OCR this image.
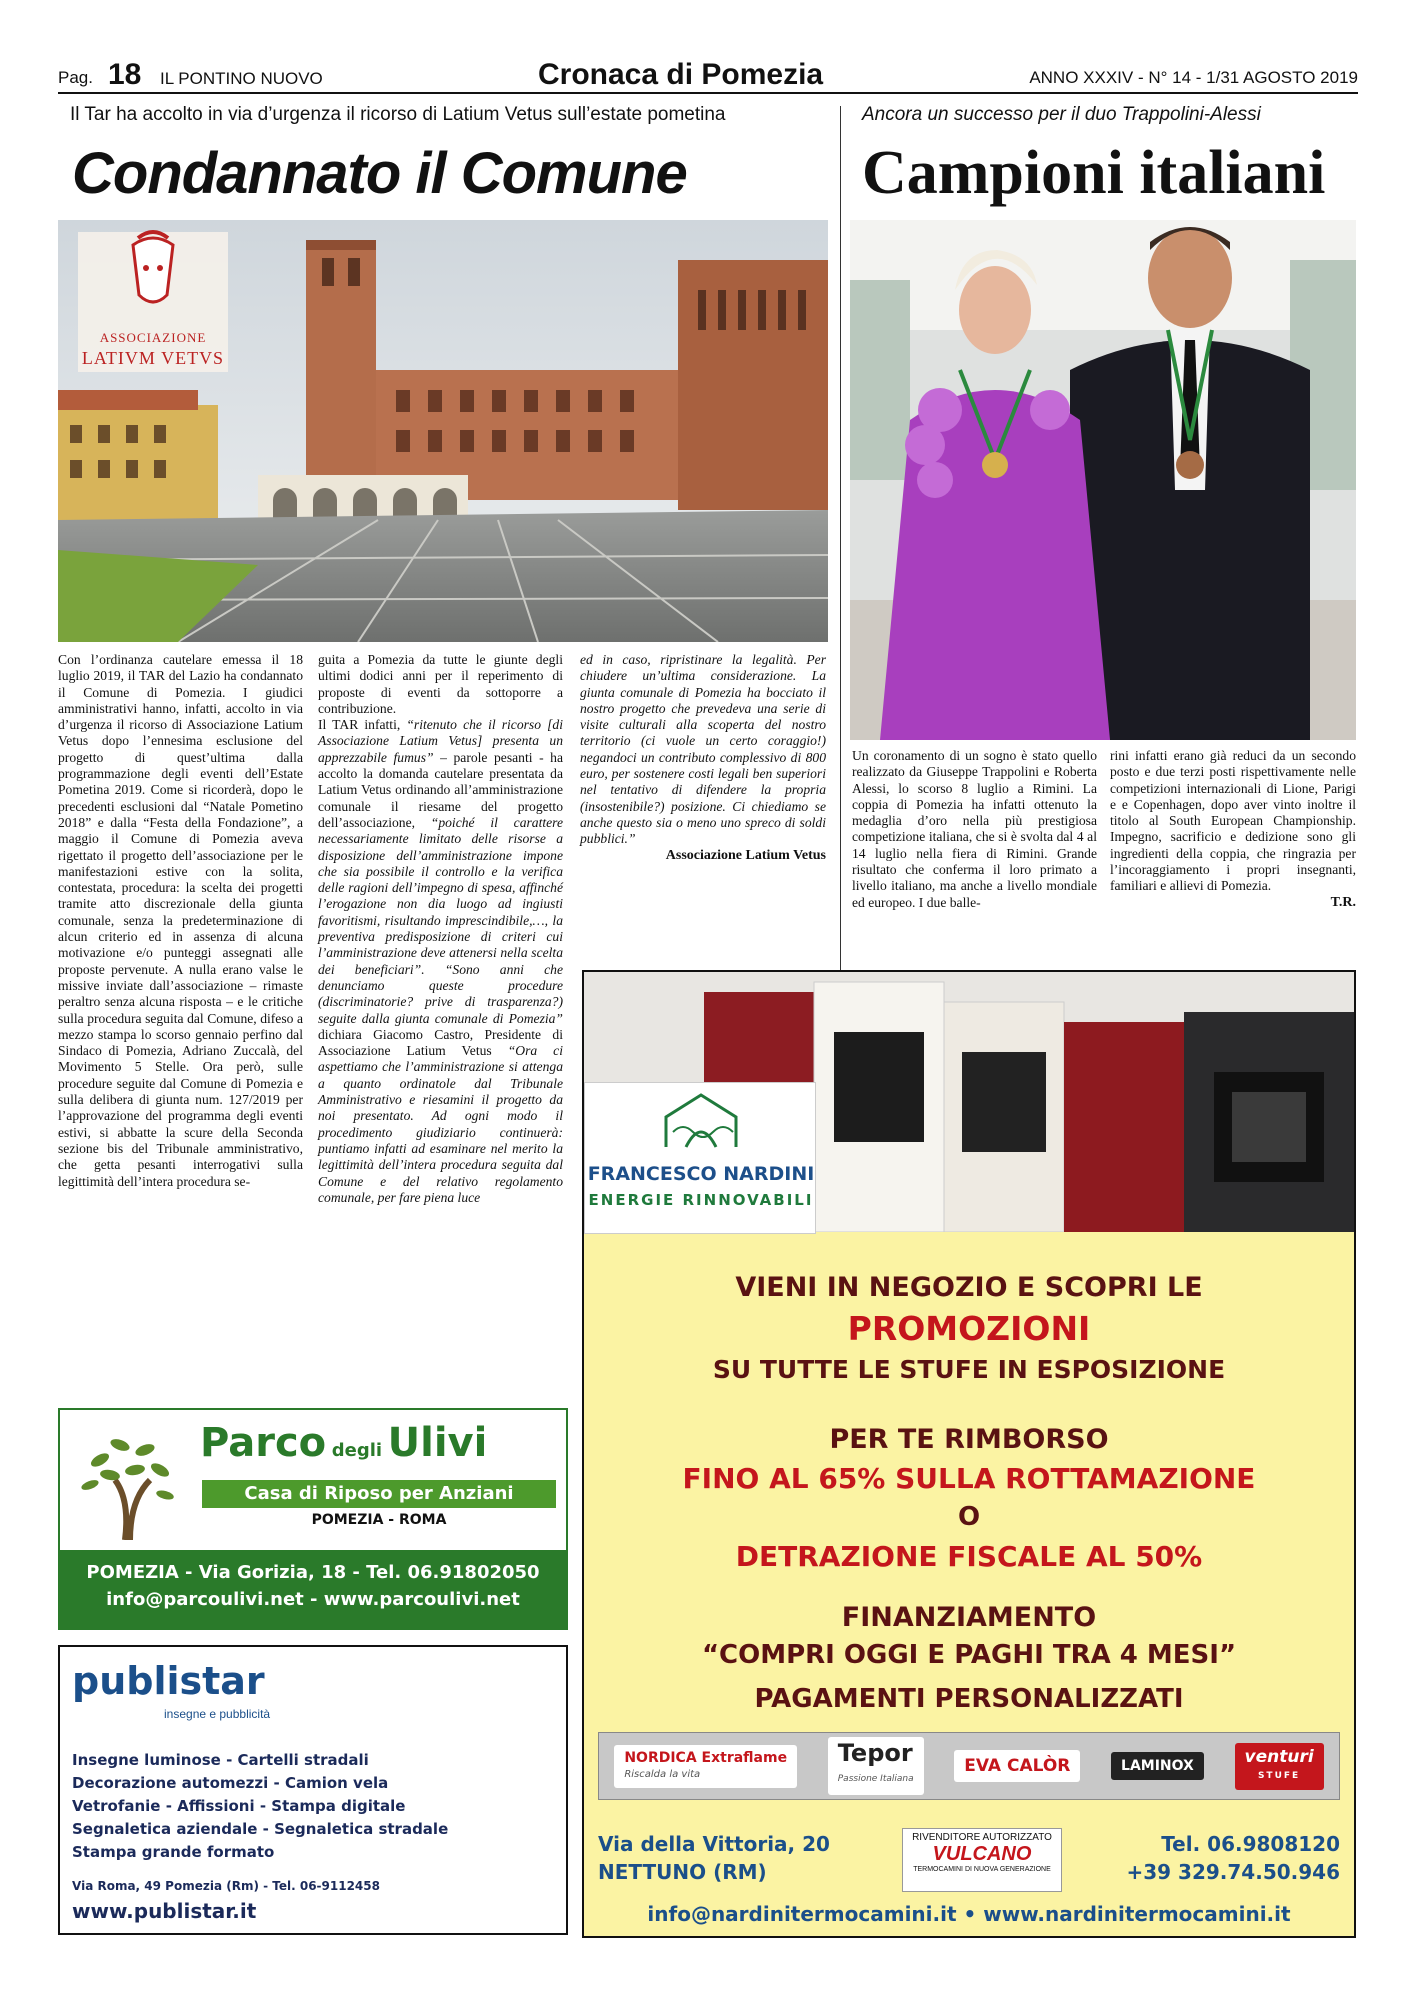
Pag. 18 IL PONTINO NUOVO	Cronaca di Pomezia	ANNO XXXIV - N° 14 - 1/31 AGOSTO 2019
Il Tar ha accolto in via d’urgenza il ricorso di Latium Vetus sull’estate pometina
Condannato il Comune
Ancora un successo per il duo Trappolini-Alessi
Campioni italiani
ASSOCIAZIONE
LATIVM VETVS

Con l’ordinanza cautelare emessa il 18 luglio 2019, il TAR del Lazio ha condannato il Comune di Pomezia. I giudici amministrativi hanno, infatti, accolto in via d’urgenza il ricorso di Associazione Latium Vetus dopo l’ennesima esclusione del progetto di quest’ultima dalla programmazione degli eventi dell’Estate Pometina 2019. Come si ricorderà, dopo le precedenti esclusioni dal “Natale Pometino 2018” e dalla “Festa della Fondazione”, a maggio il Comune di Pomezia aveva rigettato il progetto dell’associazione per le manifestazioni estive con la solita, contestata, procedura: la scelta dei progetti tramite atto discrezionale della giunta comunale, senza la predeterminazione di alcun criterio ed in assenza di alcuna motivazione e/o punteggi assegnati alle proposte pervenute. A nulla erano valse le missive inviate dall’associazione – rimaste peraltro senza alcuna risposta – e le critiche sulla procedura seguita dal Comune, difeso a mezzo stampa lo scorso gennaio perfino dal Sindaco di Pomezia, Adriano Zuccalà, del Movimento 5 Stelle. Ora però, sulle procedure seguite dal Comune di Pomezia e sulla delibera di giunta num. 127/2019 per l’approvazione del programma degli eventi estivi, si abbatte la scure della Seconda sezione bis del Tribunale amministrativo, che getta pesanti interrogativi sulla legittimità dell’intera procedura se-

guita a Pomezia da tutte le giunte degli ultimi dodici anni per il reperimento di proposte di eventi da sottoporre a contribuzione.

Il TAR infatti, “ritenuto che il ricorso [di Associazione Latium Vetus] presenta un apprezzabile fumus” – parole pesanti - ha accolto la domanda cautelare presentata da Latium Vetus ordinando all’amministrazione comunale il riesame del progetto dell’associazione, “poiché il carattere necessariamente limitato delle risorse a disposizione dell’amministrazione impone che sia possibile il controllo e la verifica delle ragioni dell’impegno di spesa, affinché l’erogazione non dia luogo ad ingiusti favoritismi, risultando imprescindibile,…, la preventiva predisposizione di criteri cui l’amministrazione deve attenersi nella scelta dei beneficiari”. “Sono anni che denunciamo queste procedure (discriminatorie? prive di trasparenza?) seguite dalla giunta comunale di Pomezia” dichiara Giacomo Castro, Presidente di Associazione Latium Vetus “Ora ci aspettiamo che l’amministrazione si attenga a quanto ordinatole dal Tribunale Amministrativo e riesamini il progetto da noi presentato. Ad ogni modo il procedimento giudiziario continuerà: puntiamo infatti ad esaminare nel merito la legittimità dell’intera procedura seguita dal Comune e del relativo regolamento comunale, per fare piena luce

ed in caso, ripristinare la legalità. Per chiudere un’ultima considerazione. La giunta comunale di Pomezia ha bocciato il nostro progetto che prevedeva una serie di visite culturali alla scoperta del nostro territorio (ci vuole un certo coraggio!) negandoci un contributo complessivo di 800 euro, per sostenere costi legali ben superiori nel tentativo di difendere la propria (insostenibile?) posizione. Ci chiediamo se anche questo sia o meno uno spreco di soldi pubblici.”

Associazione Latium Vetus

Un coronamento di un sogno è stato quello realizzato da Giuseppe Trappolini e Roberta Alessi, lo scorso 8 luglio a Rimini. La coppia di Pomezia ha infatti ottenuto la medaglia d’oro nella più prestigiosa competizione italiana, che si è svolta dal 4 al 14 luglio nella fiera di Rimini. Grande risultato che conferma il loro primato a livello italiano, ma anche a livello mondiale ed europeo. I due balle-

rini infatti erano già reduci da un secondo posto e due terzi posti rispettivamente nelle competizioni internazionali di Lione, Parigi e e Copenhagen, dopo aver vinto inoltre il titolo al South European Championship. Impegno, sacrificio e dedizione sono gli ingredienti della coppia, che ringrazia per l’incoraggiamento i propri insegnanti, familiari e allievi di Pomezia.

T.R.

FRANCESCO NARDINI
ENERGIE RINNOVABILI
VIENI IN NEGOZIO E SCOPRI LE
PROMOZIONI
SU TUTTE LE STUFE IN ESPOSIZIONE
PER TE RIMBORSO
FINO AL 65% SULLA ROTTAMAZIONE
O
DETRAZIONE FISCALE AL 50%
FINANZIAMENTO
“COMPRI OGGI E PAGHI TRA 4 MESI”
PAGAMENTI PERSONALIZZATI
NORDICA Extraflame
Riscalda la vita
Tepor
Passione Italiana
EVA CALÒR	LAMINOX	venturi
STUFE
Via della Vittoria, 20
NETTUNO (RM)
RIVENDITORE AUTORIZZATO
VULCANO
TERMOCAMINI DI NUOVA GENERAZIONE
Tel. 06.9808120
+39 329.74.50.946
info@nardinitermocamini.it • www.nardinitermocamini.it
Parco degli Ulivi
Casa di Riposo per Anziani
POMEZIA - ROMA
POMEZIA - Via Gorizia, 18 - Tel. 06.91802050
info@parcoulivi.net - www.parcoulivi.net
publistar
insegne e pubblicità
Insegne luminose - Cartelli stradali
Decorazione automezzi - Camion vela
Vetrofanie - Affissioni - Stampa digitale
Segnaletica aziendale - Segnaletica stradale
Stampa grande formato
Via Roma, 49 Pomezia (Rm) - Tel. 06-9112458
www.publistar.it
